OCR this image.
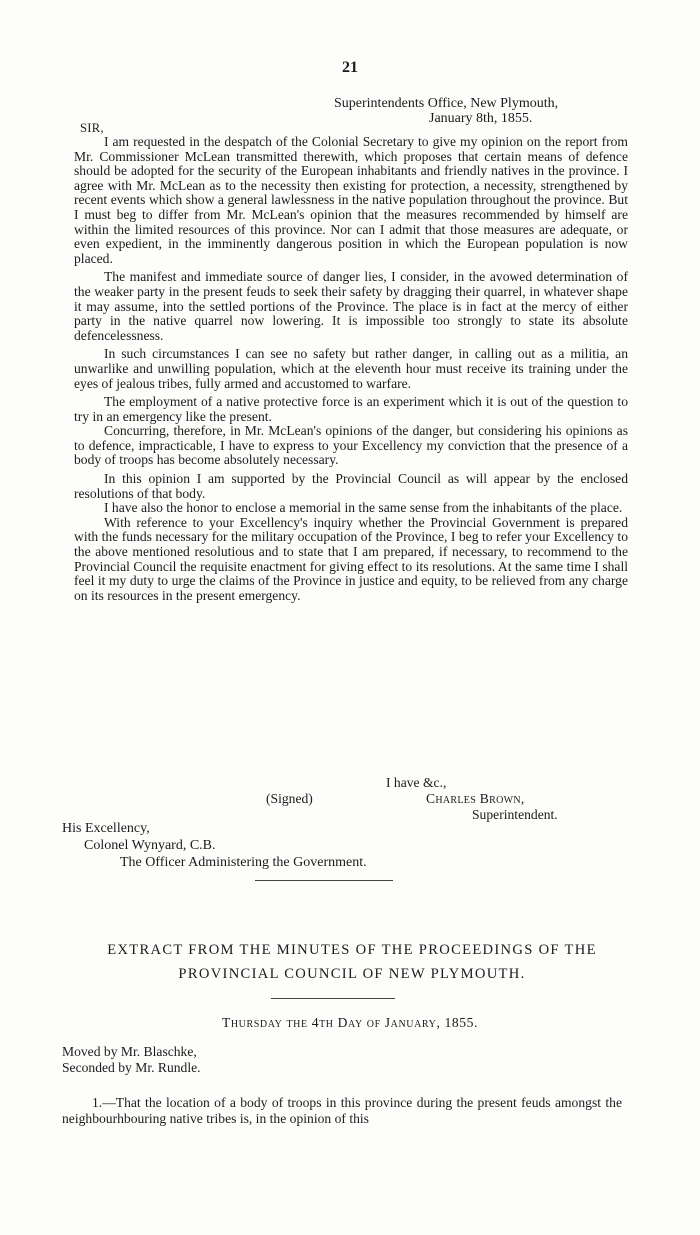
21
Superintendents Office, New Plymouth,
January 8th, 1855.
SIR,

I am requested in the despatch of the Colonial Secretary to give my opinion on the report from Mr. Commissioner McLean transmitted therewith, which proposes that certain means of defence should be adopted for the security of the European inhabitants and friendly natives in the province. I agree with Mr. McLean as to the necessity then existing for protection, a necessity, strengthened by recent events which show a general lawlessness in the native population throughout the province. But I must beg to differ from Mr. McLean's opinion that the measures recommended by himself are within the limited resources of this province. Nor can I admit that those measures are adequate, or even expedient, in the imminently dangerous position in which the European population is now placed.

The manifest and immediate source of danger lies, I consider, in the avowed determination of the weaker party in the present feuds to seek their safety by dragging their quarrel, in whatever shape it may assume, into the settled portions of the Province. The place is in fact at the mercy of either party in the native quarrel now lowering. It is impossible too strongly to state its absolute defencelessness.

In such circumstances I can see no safety but rather danger, in calling out as a militia, an unwarlike and unwilling population, which at the eleventh hour must receive its training under the eyes of jealous tribes, fully armed and accustomed to warfare.

The employment of a native protective force is an experiment which it is out of the question to try in an emergency like the present.

Concurring, therefore, in Mr. McLean's opinions of the danger, but considering his opinions as to defence, impracticable, I have to express to your Excellency my conviction that the presence of a body of troops has become absolutely necessary.

In this opinion I am supported by the Provincial Council as will appear by the enclosed resolutions of that body.

I have also the honor to enclose a memorial in the same sense from the inhabitants of the place.

With reference to your Excellency's inquiry whether the Provincial Government is prepared with the funds necessary for the military occupation of the Province, I beg to refer your Excellency to the above mentioned resolutious and to state that I am prepared, if necessary, to recommend to the Provincial Council the requisite enactment for giving effect to its resolutions. At the same time I shall feel it my duty to urge the claims of the Province in justice and equity, to be relieved from any charge on its resources in the present emergency.

I have &c.,
(Signed)	Charles Brown,
Superintendent.
His Excellency,
Colonel Wynyard, C.B.
The Officer Administering the Government.
EXTRACT FROM THE MINUTES OF THE PROCEEDINGS OF THE
PROVINCIAL COUNCIL OF NEW PLYMOUTH.
Thursday the 4th Day of January, 1855.
Moved by Mr. Blaschke,
Seconded by Mr. Rundle.

1.—That the location of a body of troops in this province during the present feuds amongst the neighbourhbouring native tribes is, in the opinion of this
